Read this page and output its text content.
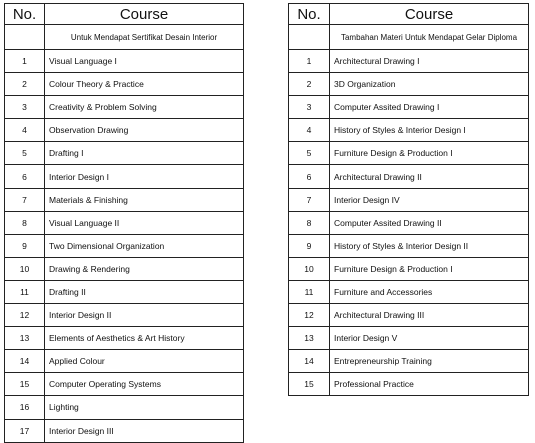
No.	Course
	Untuk Mendapat Sertifikat Desain Interior
1	Visual Language I
2	Colour Theory & Practice
3	Creativity & Problem Solving
4	Observation Drawing
5	Drafting I
6	Interior Design I
7	Materials & Finishing
8	Visual Language II
9	Two Dimensional Organization
10	Drawing & Rendering
11	Drafting II
12	Interior Design II
13	Elements of Aesthetics & Art History
14	Applied Colour
15	Computer Operating Systems
16	Lighting
17	Interior Design III
No.	Course
	Tambahan Materi Untuk Mendapat Gelar Diploma
1	Architectural Drawing I
2	3D Organization
3	Computer Assited Drawing I
4	History of Styles & Interior Design I
5	Furniture Design & Production I
6	Architectural Drawing II
7	Interior Design IV
8	Computer Assited Drawing II
9	History of Styles & Interior Design II
10	Furniture Design & Production I
11	Furniture and Accessories
12	Architectural Drawing III
13	Interior Design V
14	Entrepreneurship Training
15	Professional Practice
